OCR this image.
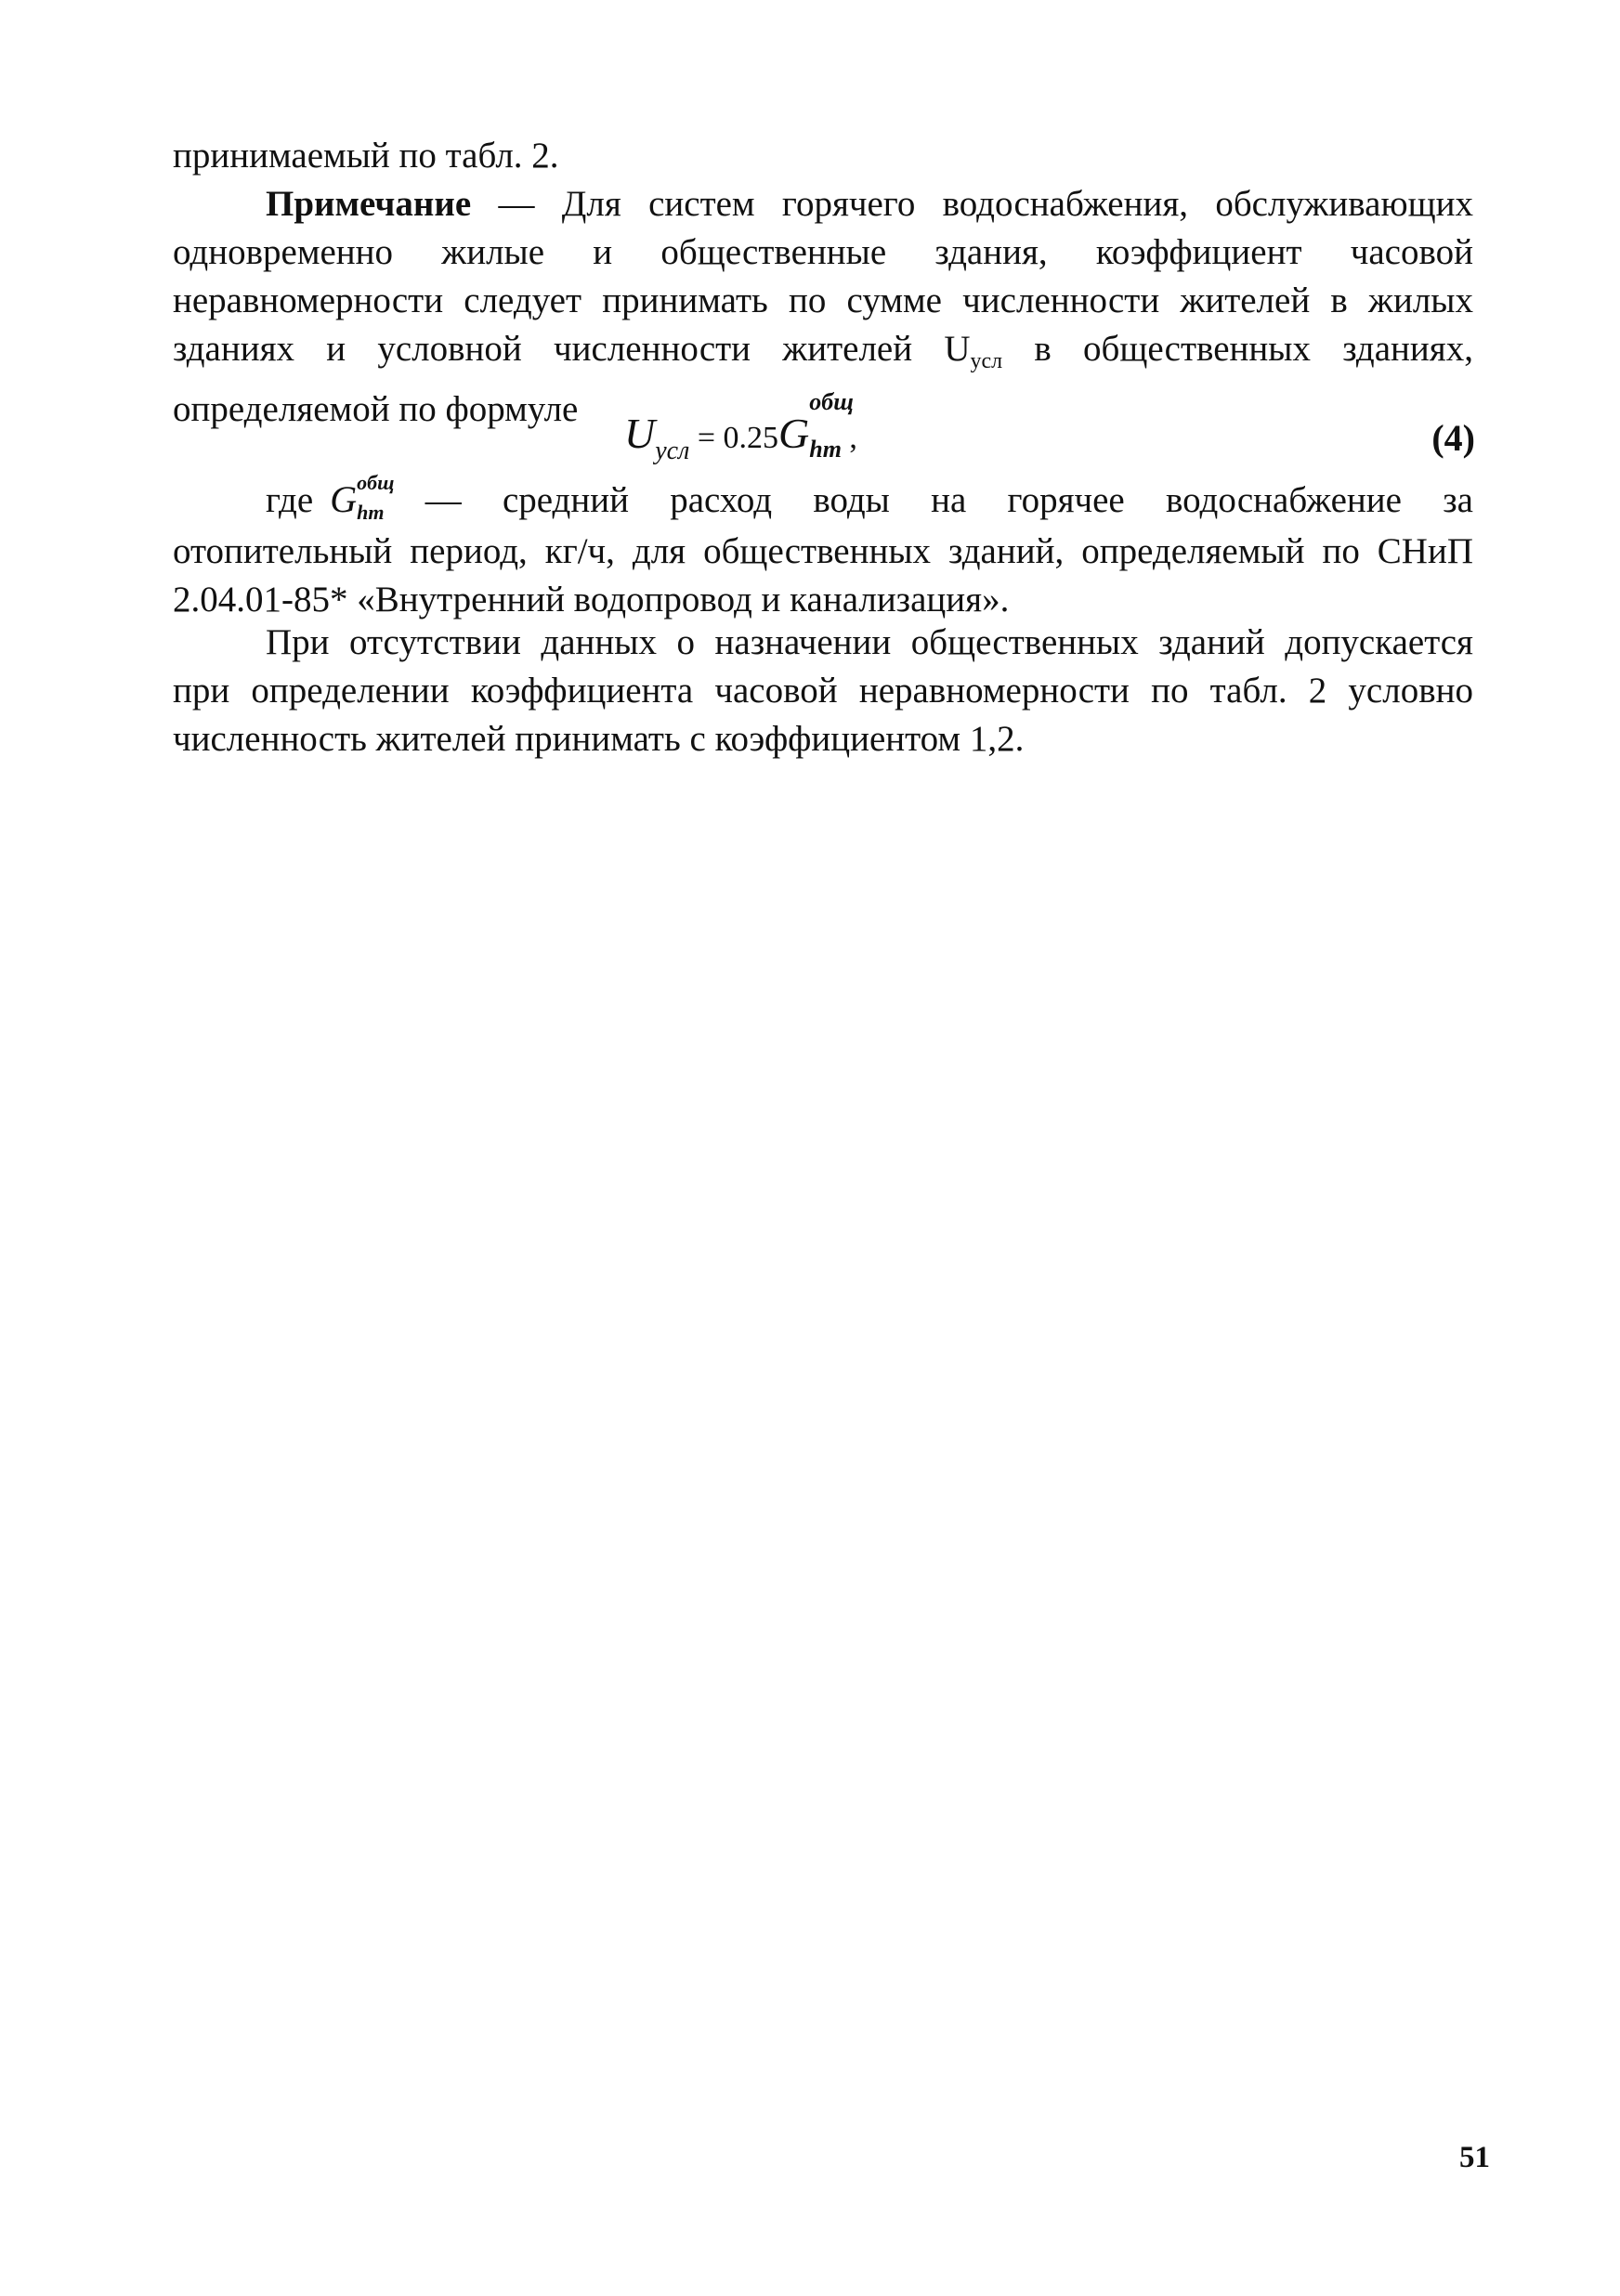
принимаемый по табл. 2.
Примечание — Для систем горячего водоснабжения, обслуживающих
одновременно жилые и общественные здания, коэффициент часовой
неравномерности следует принимать по сумме численности жителей в жилых
зданиях и условной численности жителей $U_{усл}$ в общественных зданиях,
определяемой по формуле
$U_{усл} = 0.25G$
общ
$_{hm}$ ,	(4)
где G общ
$_{hm}$ — средний расход воды на горячее водоснабжение за
отопительный период, кг/ч, для общественных зданий, определяемый по СНиП
2.04.01-85* «Внутренний водопровод и канализация».
При отсутствии данных о назначении общественных зданий допускается
при определении коэффициента часовой неравномерности по табл. 2 условно
численность жителей принимать с коэффициентом 1,2.
51
